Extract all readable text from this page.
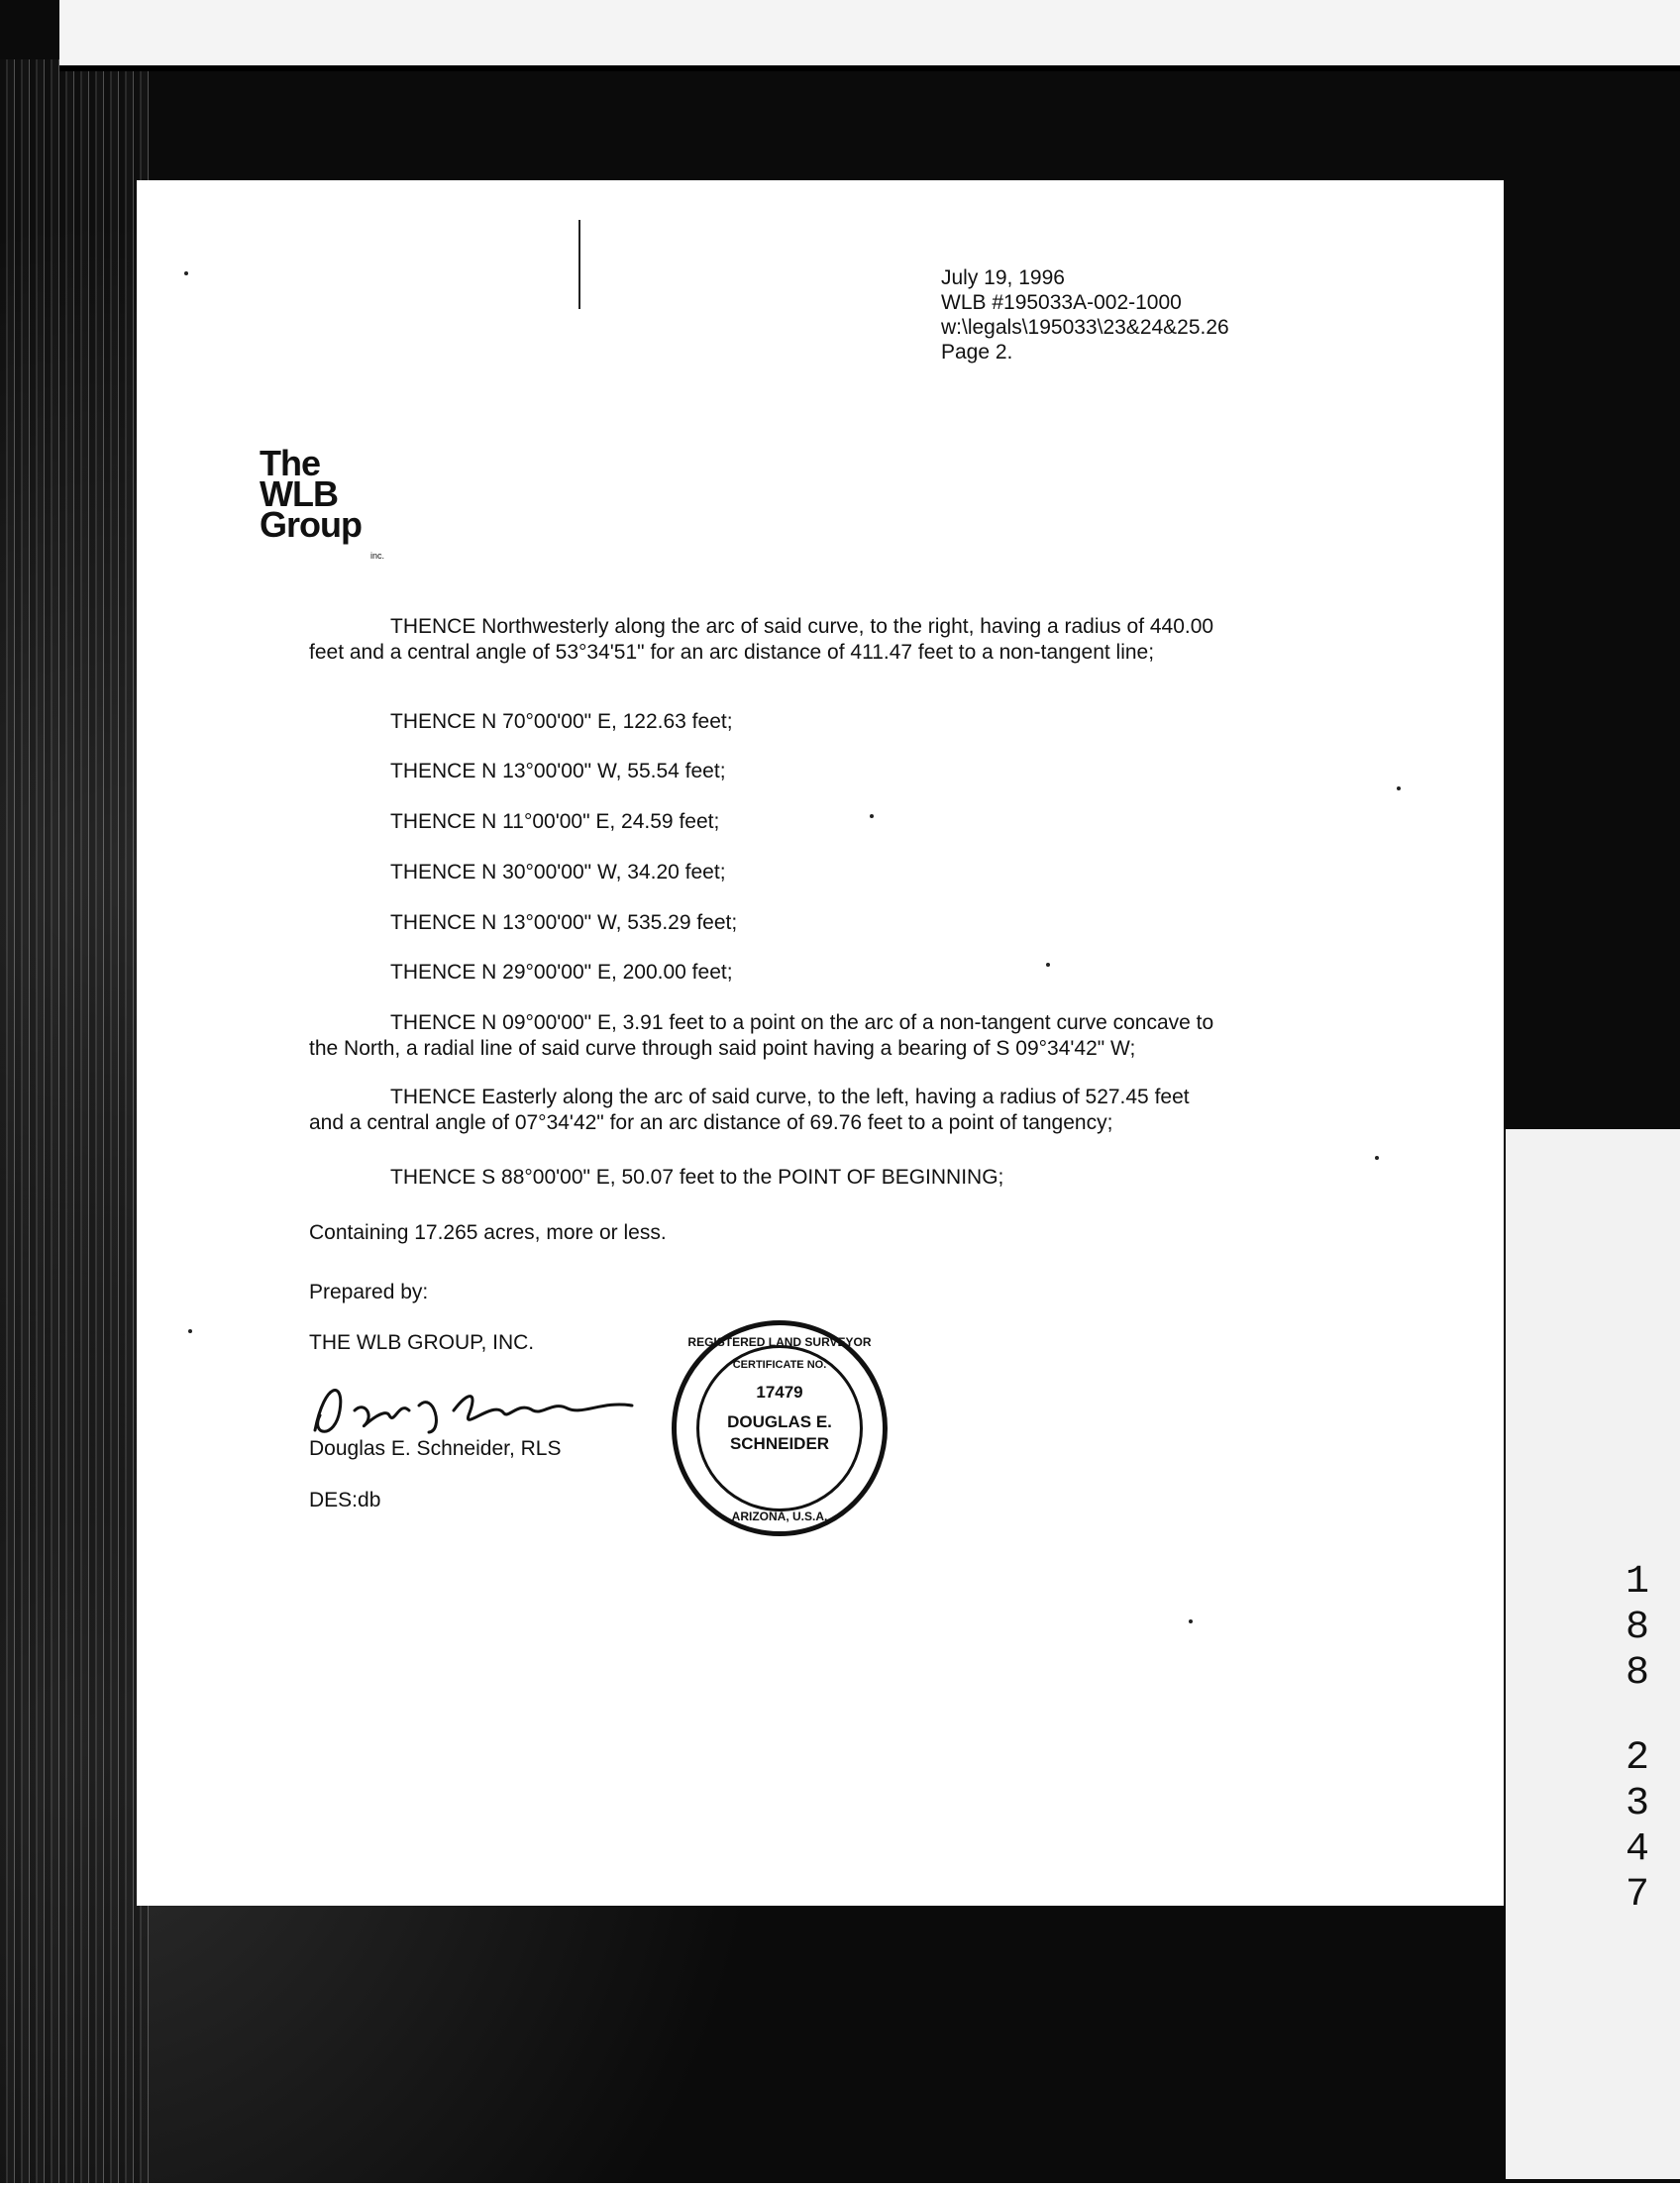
1
8
8
2
3
4
7
July 19, 1996
WLB #195033A-002-1000
w:\legals\195033\23&24&25.26
Page 2.
The
WLB
Group
inc.
THENCE Northwesterly along the arc of said curve, to the right, having a radius of 440.00
feet and a central angle of 53°34'51" for an arc distance of 411.47 feet to a non-tangent line;
THENCE N 70°00'00" E, 122.63 feet;
THENCE N 13°00'00" W, 55.54 feet;
THENCE N 11°00'00" E, 24.59 feet;
THENCE N 30°00'00" W, 34.20 feet;
THENCE N 13°00'00" W, 535.29 feet;
THENCE N 29°00'00" E, 200.00 feet;
THENCE N 09°00'00" E, 3.91 feet to a point on the arc of a non-tangent curve concave to
the North, a radial line of said curve through said point having a bearing of S 09°34'42" W;
THENCE Easterly along the arc of said curve, to the left, having a radius of 527.45 feet
and a central angle of 07°34'42" for an arc distance of 69.76 feet to a point of tangency;
THENCE S 88°00'00" E, 50.07 feet to the POINT OF BEGINNING;
Containing 17.265 acres, more or less.
Prepared by:
THE WLB GROUP, INC.
Douglas E. Schneider, RLS
DES:db
REGISTERED LAND SURVEYOR
CERTIFICATE NO.
17479
DOUGLAS E.
SCHNEIDER
ARIZONA, U.S.A.
